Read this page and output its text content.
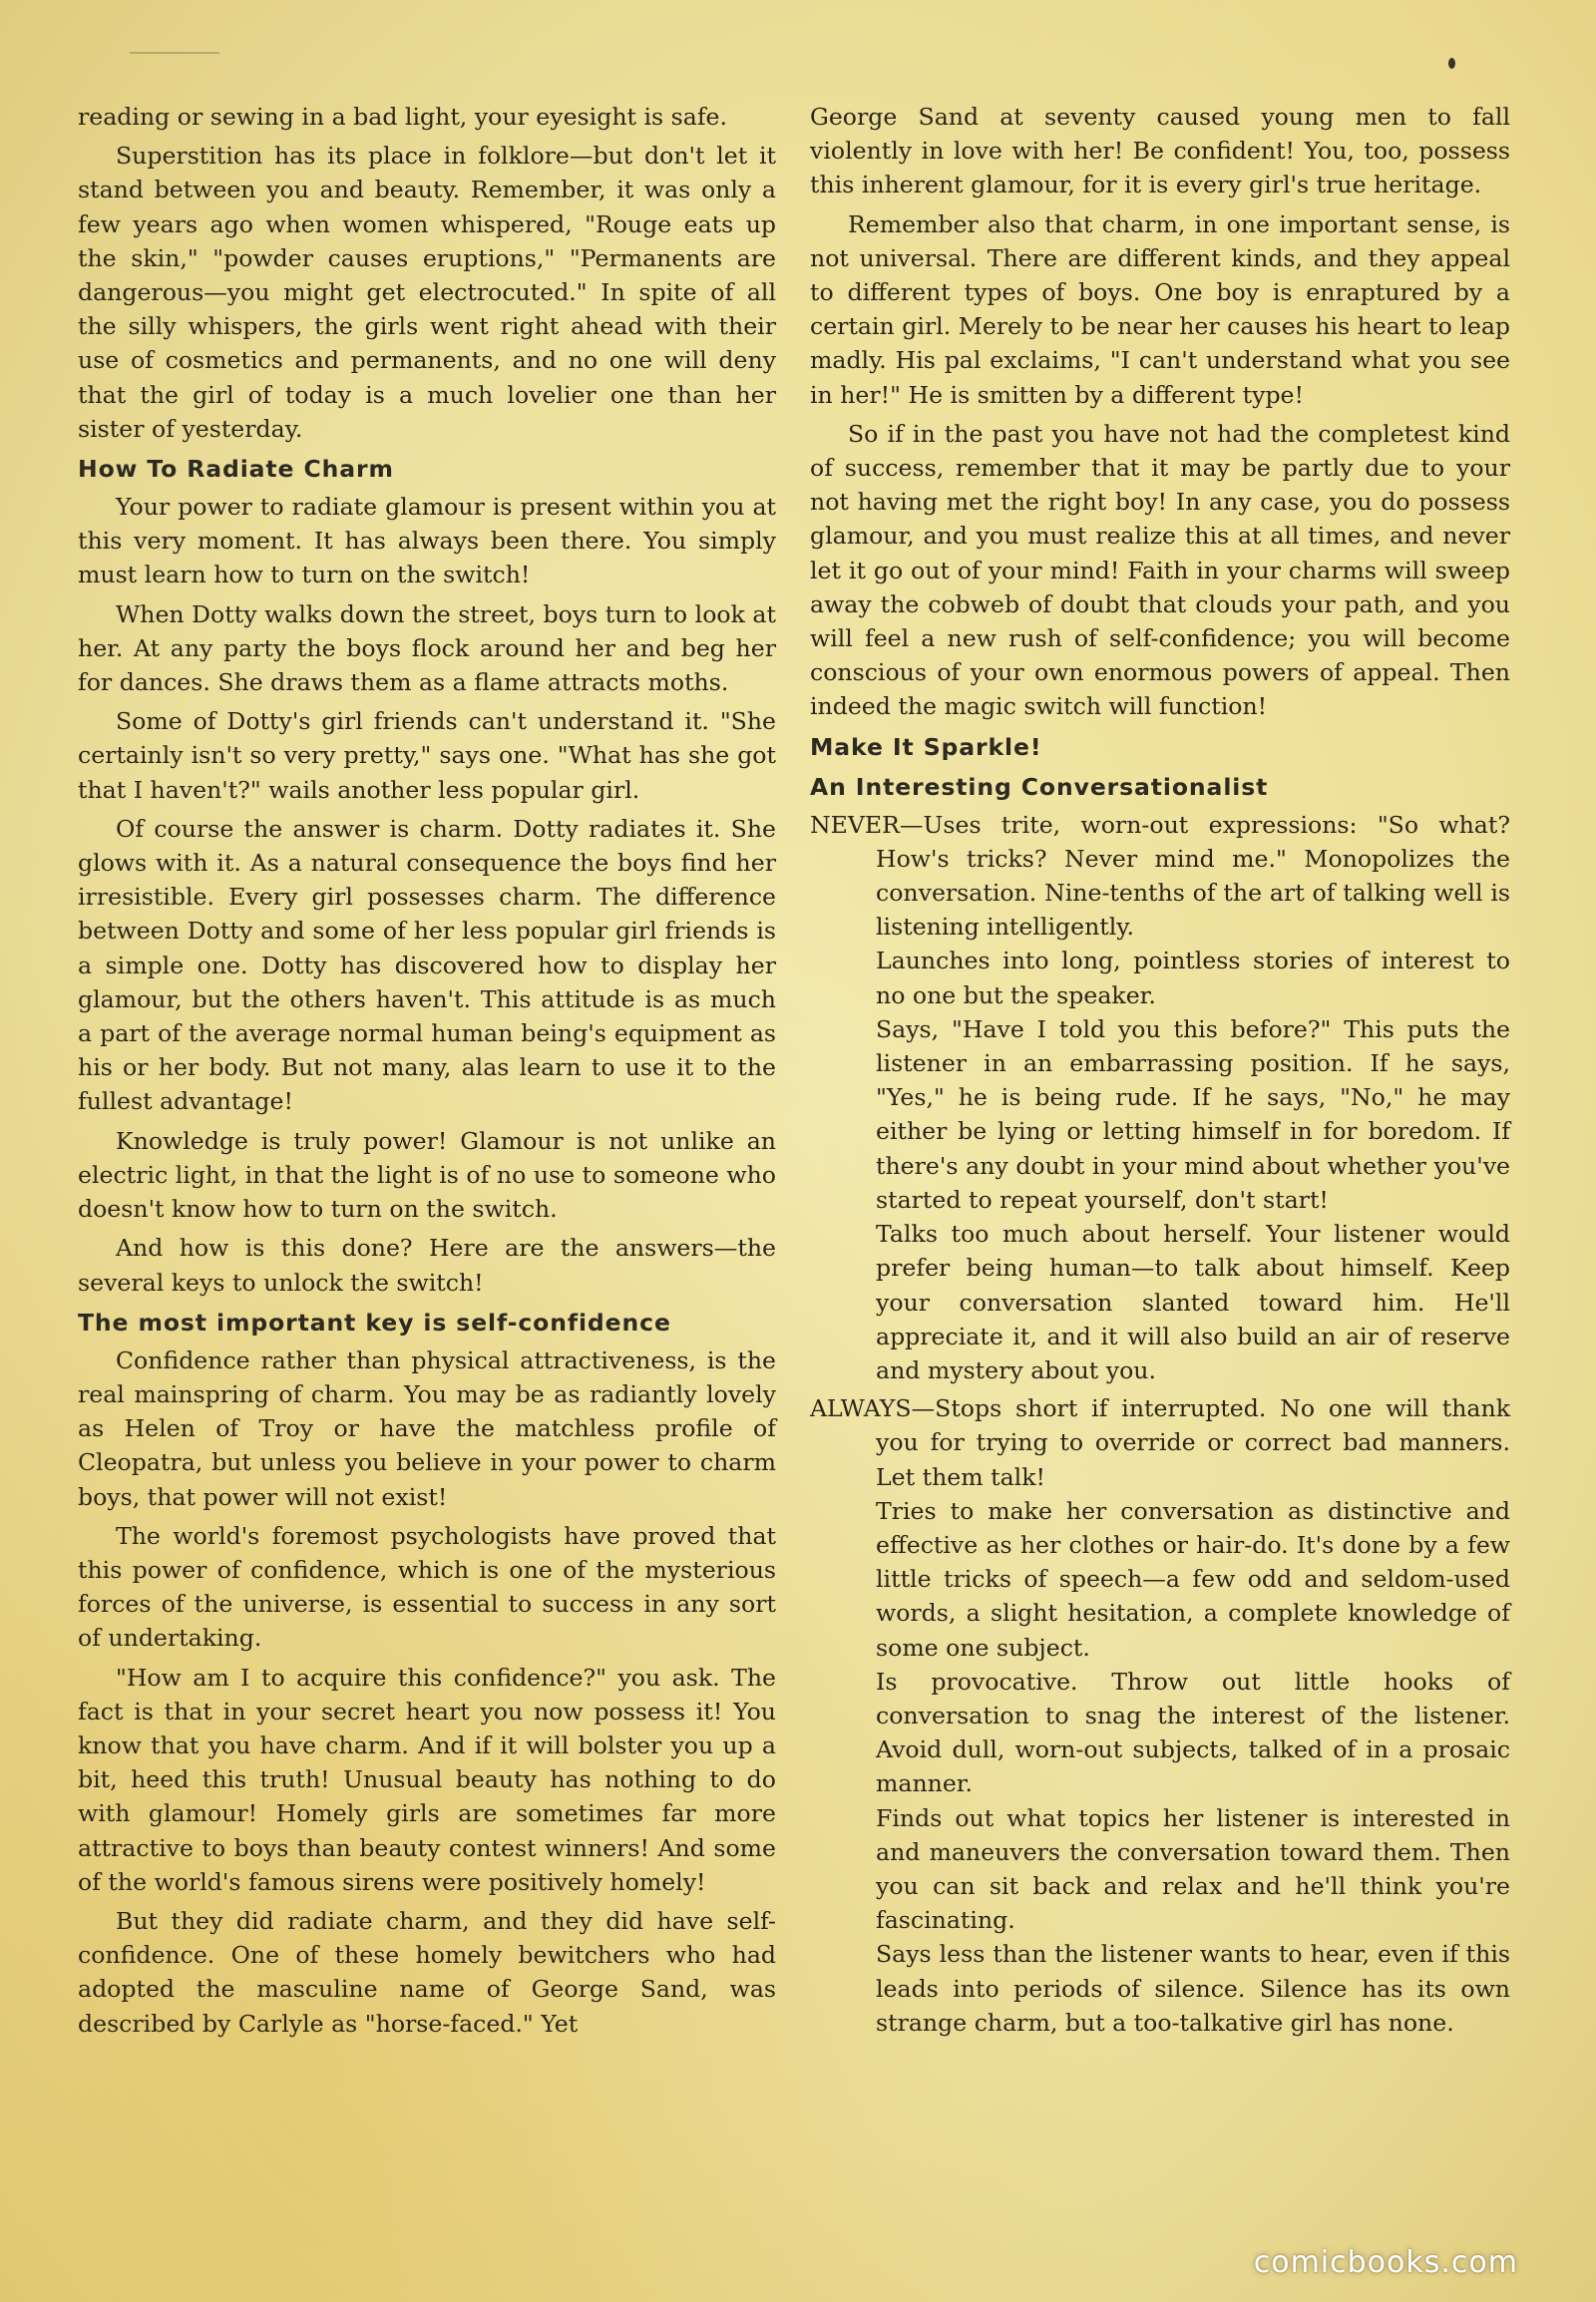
reading or sewing in a bad light, your eyesight is safe.

Superstition has its place in folklore—but don't let it stand between you and beauty. Remember, it was only a few years ago when women whispered, "Rouge eats up the skin," "powder causes eruptions," "Permanents are dangerous—you might get electrocuted." In spite of all the silly whispers, the girls went right ahead with their use of cosmetics and permanents, and no one will deny that the girl of today is a much lovelier one than her sister of yesterday.

How To Radiate Charm

Your power to radiate glamour is present within you at this very moment. It has always been there. You simply must learn how to turn on the switch!

When Dotty walks down the street, boys turn to look at her. At any party the boys flock around her and beg her for dances. She draws them as a flame attracts moths.

Some of Dotty's girl friends can't understand it. "She certainly isn't so very pretty," says one. "What has she got that I haven't?" wails another less popular girl.

Of course the answer is charm. Dotty radiates it. She glows with it. As a natural consequence the boys find her irresistible. Every girl possesses charm. The difference between Dotty and some of her less popular girl friends is a simple one. Dotty has discovered how to display her glamour, but the others haven't. This attitude is as much a part of the average normal human being's equipment as his or her body. But not many, alas learn to use it to the fullest advantage!

Knowledge is truly power! Glamour is not unlike an electric light, in that the light is of no use to someone who doesn't know how to turn on the switch.

And how is this done? Here are the answers—the several keys to unlock the switch!

The most important key is self-confidence

Confidence rather than physical attractiveness, is the real mainspring of charm. You may be as radiantly lovely as Helen of Troy or have the matchless profile of Cleopatra, but unless you believe in your power to charm boys, that power will not exist!

The world's foremost psychologists have proved that this power of confidence, which is one of the mysterious forces of the universe, is essential to success in any sort of undertaking.

"How am I to acquire this confidence?" you ask. The fact is that in your secret heart you now possess it! You know that you have charm. And if it will bolster you up a bit, heed this truth! Unusual beauty has nothing to do with glamour! Homely girls are sometimes far more attractive to boys than beauty contest winners! And some of the world's famous sirens were positively homely!

But they did radiate charm, and they did have self-confidence. One of these homely bewitchers who had adopted the masculine name of George Sand, was described by Carlyle as "horse-faced." Yet

George Sand at seventy caused young men to fall violently in love with her! Be confident! You, too, possess this inherent glamour, for it is every girl's true heritage.

Remember also that charm, in one important sense, is not universal. There are different kinds, and they appeal to different types of boys. One boy is enraptured by a certain girl. Merely to be near her causes his heart to leap madly. His pal exclaims, "I can't understand what you see in her!" He is smitten by a different type!

So if in the past you have not had the completest kind of success, remember that it may be partly due to your not having met the right boy! In any case, you do possess glamour, and you must realize this at all times, and never let it go out of your mind! Faith in your charms will sweep away the cobweb of doubt that clouds your path, and you will feel a new rush of self-confidence; you will become conscious of your own enormous powers of appeal. Then indeed the magic switch will function!

Make It Sparkle!
An Interesting Conversationalist

NEVER—Uses trite, worn-out expressions: "So what? How's tricks? Never mind me." Monopolizes the conversation. Nine-tenths of the art of talking well is listening intelligently.

Launches into long, pointless stories of interest to no one but the speaker.

Says, "Have I told you this before?" This puts the listener in an embarrassing position. If he says, "Yes," he is being rude. If he says, "No," he may either be lying or letting himself in for boredom. If there's any doubt in your mind about whether you've started to repeat yourself, don't start!

Talks too much about herself. Your listener would prefer being human—to talk about himself. Keep your conversation slanted toward him. He'll appreciate it, and it will also build an air of reserve and mystery about you.

ALWAYS—Stops short if interrupted. No one will thank you for trying to override or correct bad manners. Let them talk!

Tries to make her conversation as distinctive and effective as her clothes or hair-do. It's done by a few little tricks of speech—a few odd and seldom-used words, a slight hesitation, a complete knowledge of some one subject.

Is provocative. Throw out little hooks of conversation to snag the interest of the listener. Avoid dull, worn-out subjects, talked of in a prosaic manner.

Finds out what topics her listener is interested in and maneuvers the conversation toward them. Then you can sit back and relax and he'll think you're fascinating.

Says less than the listener wants to hear, even if this leads into periods of silence. Silence has its own strange charm, but a too-talkative girl has none.

comicbooks.com
